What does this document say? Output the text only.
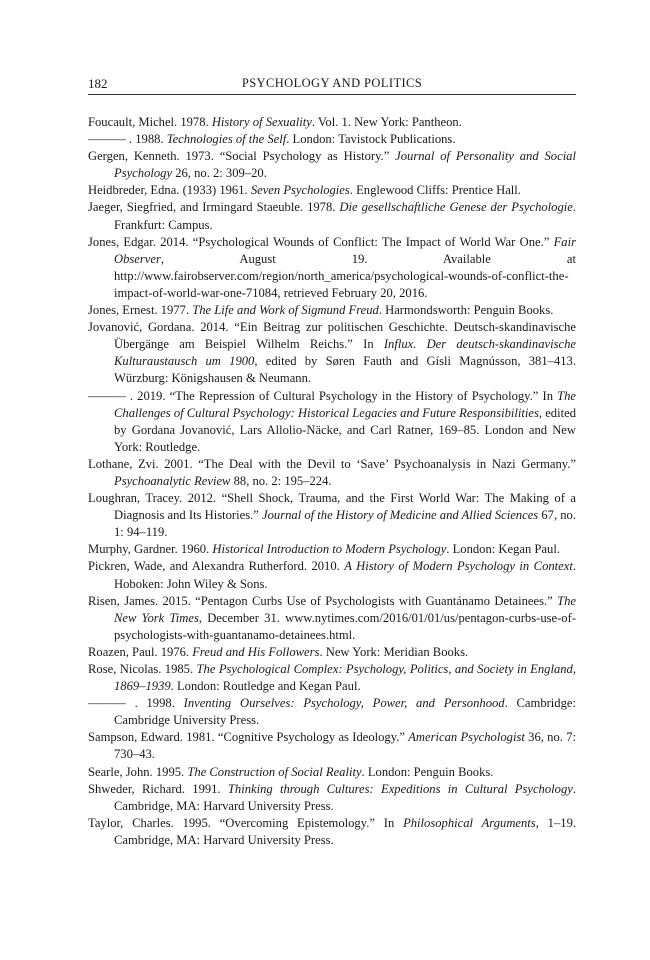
182	PSYCHOLOGY AND POLITICS

Foucault, Michel. 1978. History of Sexuality. Vol. 1. New York: Pantheon.

——— . 1988. Technologies of the Self. London: Tavistock Publications.

Gergen, Kenneth. 1973. “Social Psychology as History.” Journal of Personality and Social Psychology 26, no. 2: 309–20.

Heidbreder, Edna. (1933) 1961. Seven Psychologies. Englewood Cliffs: Prentice Hall.

Jaeger, Siegfried, and Irmingard Staeuble. 1978. Die gesellschaftliche Genese der Psychologie. Frankfurt: Campus.

Jones, Edgar. 2014. “Psychological Wounds of Conflict: The Impact of World War One.” Fair Observer, August 19. Available at http://www.fairobserver.com/region/north_america/psychological-wounds-of-conflict-the-impact-of-world-war-one-71084, retrieved February 20, 2016.

Jones, Ernest. 1977. The Life and Work of Sigmund Freud. Harmondsworth: Penguin Books.

Jovanović, Gordana. 2014. “Ein Beitrag zur politischen Geschichte. Deutsch-skandinavische Übergänge am Beispiel Wilhelm Reichs.” In Influx. Der deutsch-skandinavische Kulturaustausch um 1900, edited by Søren Fauth and Gísli Magnússon, 381–413. Würzburg: Königshausen & Neumann.

——— . 2019. “The Repression of Cultural Psychology in the History of Psychology.” In The Challenges of Cultural Psychology: Historical Legacies and Future Responsibilities, edited by Gordana Jovanović, Lars Allolio-Näcke, and Carl Ratner, 169–85. London and New York: Routledge.

Lothane, Zvi. 2001. “The Deal with the Devil to ‘Save’ Psychoanalysis in Nazi Germany.” Psychoanalytic Review 88, no. 2: 195–224.

Loughran, Tracey. 2012. “Shell Shock, Trauma, and the First World War: The Making of a Diagnosis and Its Histories.” Journal of the History of Medicine and Allied Sciences 67, no. 1: 94–119.

Murphy, Gardner. 1960. Historical Introduction to Modern Psychology. London: Kegan Paul.

Pickren, Wade, and Alexandra Rutherford. 2010. A History of Modern Psychology in Context. Hoboken: John Wiley & Sons.

Risen, James. 2015. “Pentagon Curbs Use of Psychologists with Guantánamo Detainees.” The New York Times, December 31. www.nytimes.com/2016/01/01/us/pentagon-curbs-use-of-psychologists-with-guantanamo-detainees.html.

Roazen, Paul. 1976. Freud and His Followers. New York: Meridian Books.

Rose, Nicolas. 1985. The Psychological Complex: Psychology, Politics, and Society in England, 1869–1939. London: Routledge and Kegan Paul.

——— . 1998. Inventing Ourselves: Psychology, Power, and Personhood. Cambridge: Cambridge University Press.

Sampson, Edward. 1981. “Cognitive Psychology as Ideology.” American Psychologist 36, no. 7: 730–43.

Searle, John. 1995. The Construction of Social Reality. London: Penguin Books.

Shweder, Richard. 1991. Thinking through Cultures: Expeditions in Cultural Psychology. Cambridge, MA: Harvard University Press.

Taylor, Charles. 1995. “Overcoming Epistemology.” In Philosophical Arguments, 1–19. Cambridge, MA: Harvard University Press.
